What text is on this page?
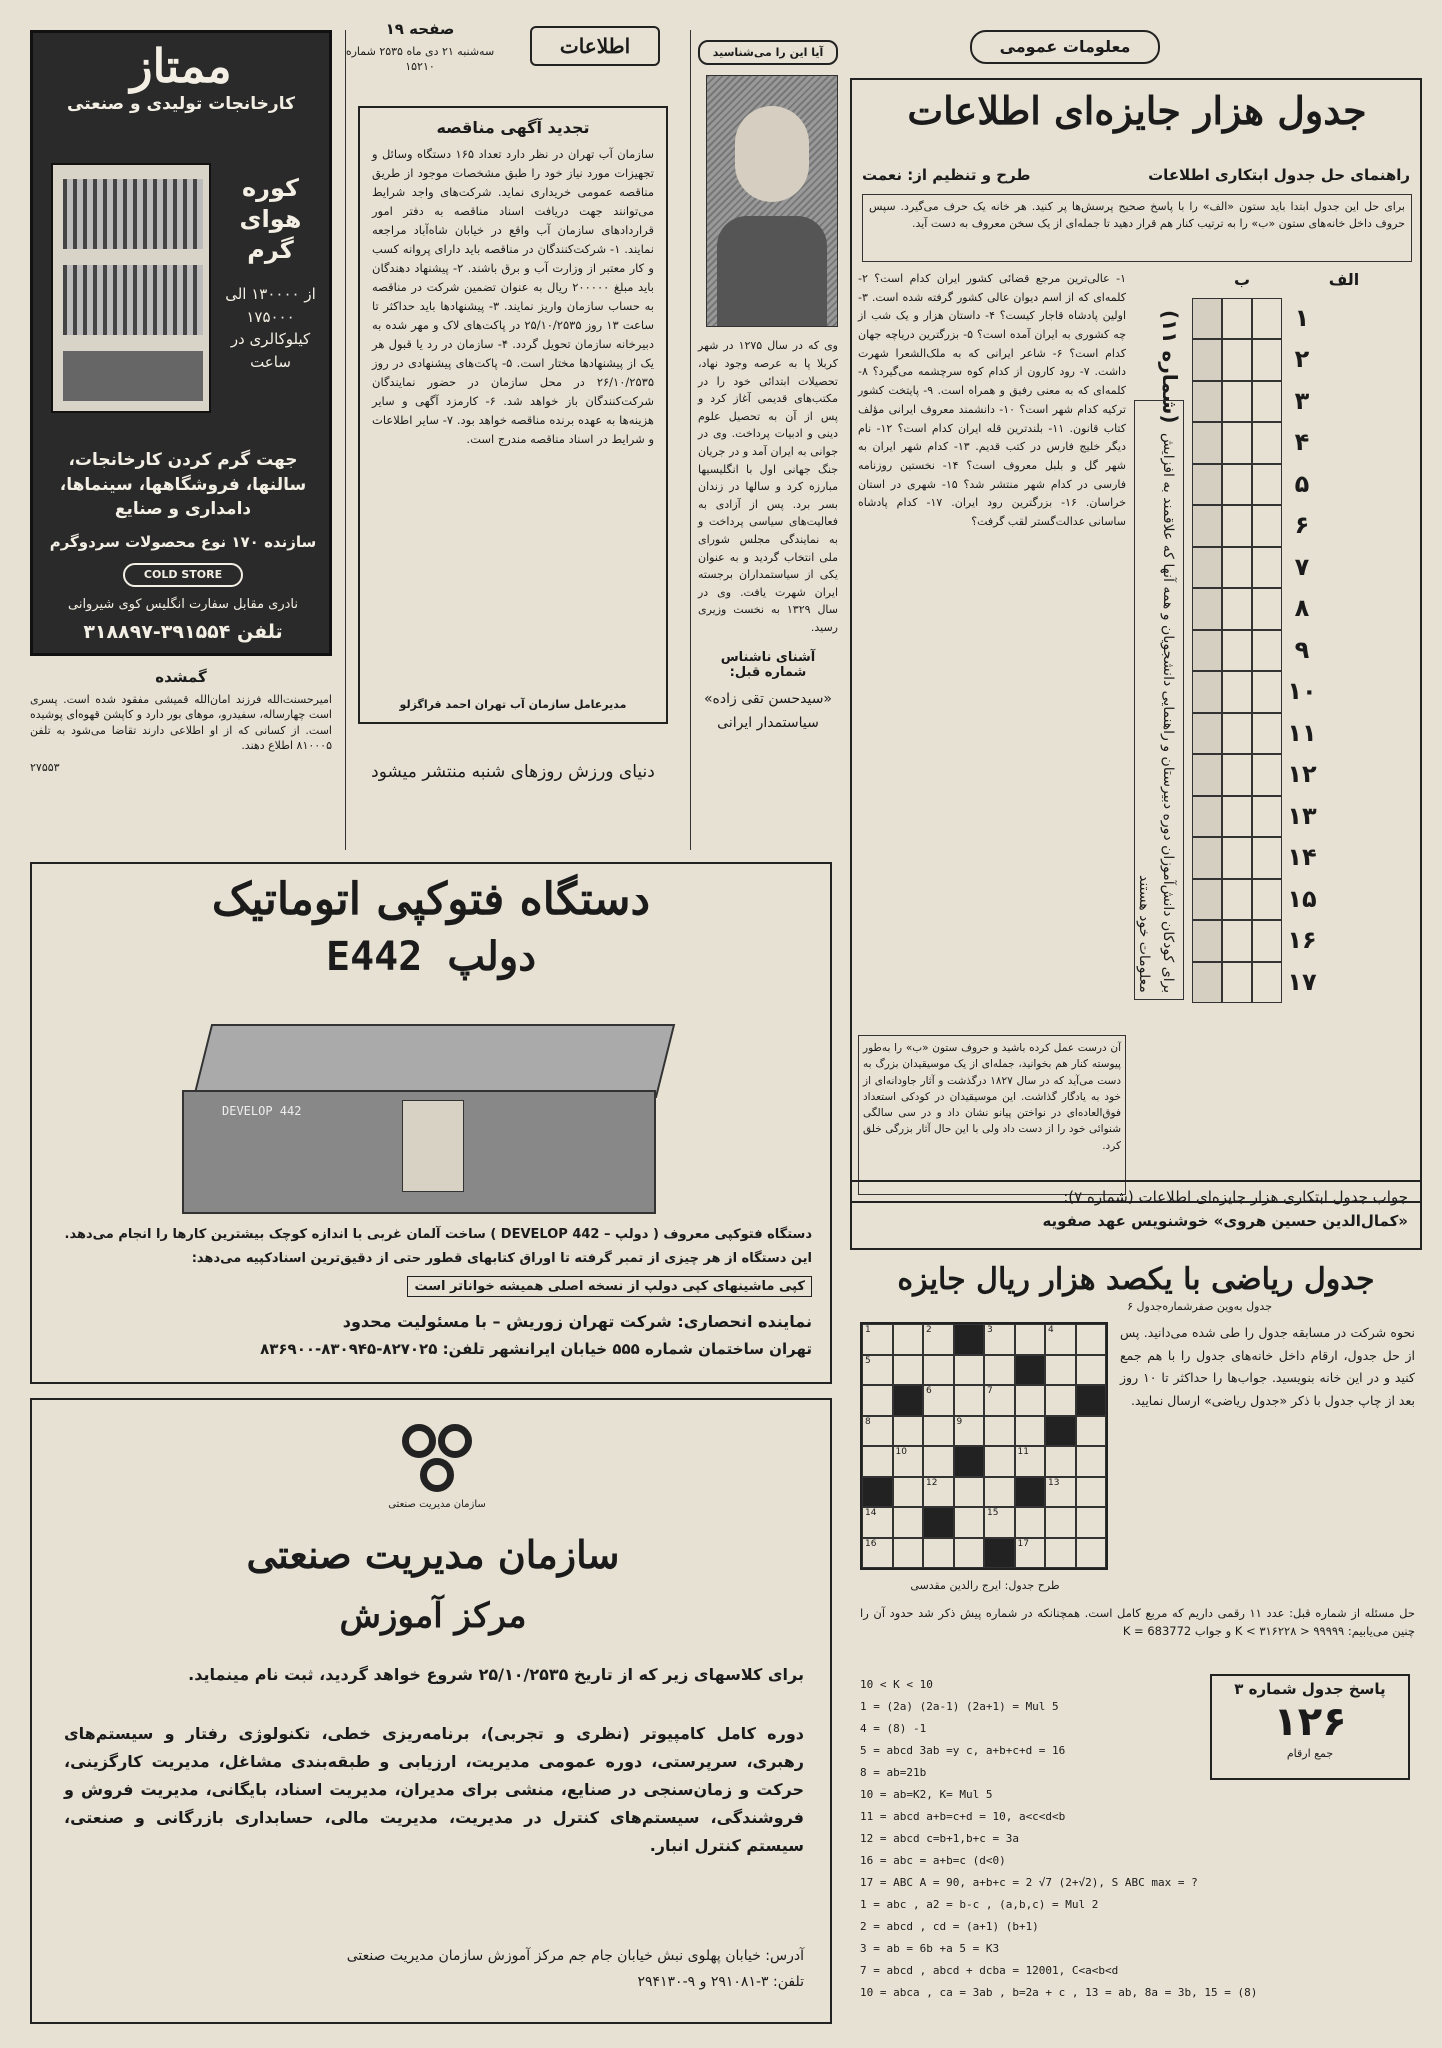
صفحه ۱۹
سه‌شنبه ۲۱ دی ماه ۲۵۳۵ شماره ۱۵۲۱۰
اطلاعات
ممتاز
کارخانجات تولیدی و صنعتی
کوره هوای گرم
از ۱۳۰۰۰۰ الی ۱۷۵۰۰۰ کیلوکالری در ساعت
جهت گرم کردن کارخانجات، سالنها، فروشگاهها، سینماها، دامداری و صنایع
سازنده ۱۷۰ نوع محصولات سردوگرم
COLD STORE
نادری مقابل سفارت انگلیس کوی شیروانی
تلفن ۳۹۱۵۵۴-۳۱۸۸۹۷
گمشده
امیرحسنت‌الله فرزند امان‌الله قمیشی مفقود شده است. پسری است چهارساله، سفیدرو، موهای بور دارد و کاپشن قهوه‌ای پوشیده است. از کسانی که از او اطلاعی دارند تقاضا می‌شود به تلفن ۸۱۰۰۰۵ اطلاع دهند.
۲۷۵۵۳
تجدید آگهی مناقصه
سازمان آب تهران در نظر دارد تعداد ۱۶۵ دستگاه وسائل و تجهیزات مورد نیاز خود را طبق مشخصات موجود از طریق مناقصه عمومی خریداری نماید. شرکت‌های واجد شرایط می‌توانند جهت دریافت اسناد مناقصه به دفتر امور قراردادهای سازمان آب واقع در خیابان شاه‌آباد مراجعه نمایند. ۱- شرکت‌کنندگان در مناقصه باید دارای پروانه کسب و کار معتبر از وزارت آب و برق باشند. ۲- پیشنهاد دهندگان باید مبلغ ۲۰۰۰۰۰ ریال به عنوان تضمین شرکت در مناقصه به حساب سازمان واریز نمایند. ۳- پیشنهادها باید حداکثر تا ساعت ۱۳ روز ۲۵/۱۰/۲۵۳۵ در پاکت‌های لاک و مهر شده به دبیرخانه سازمان تحویل گردد. ۴- سازمان در رد یا قبول هر یک از پیشنهادها مختار است. ۵- پاکت‌های پیشنهادی در روز ۲۶/۱۰/۲۵۳۵ در محل سازمان در حضور نمایندگان شرکت‌کنندگان باز خواهد شد. ۶- کارمزد آگهی و سایر هزینه‌ها به عهده برنده مناقصه خواهد بود. ۷- سایر اطلاعات و شرایط در اسناد مناقصه مندرج است.
مدیرعامل سازمان آب تهران احمد قراگزلو
دنیای ورزش روزهای شنبه منتشر میشود
آیا این را می‌شناسید
وی که در سال ۱۲۷۵ در شهر کربلا پا به عرصه وجود نهاد، تحصیلات ابتدائی خود را در مکتب‌های قدیمی آغاز کرد و پس از آن به تحصیل علوم دینی و ادبیات پرداخت. وی در جوانی به ایران آمد و در جریان جنگ جهانی اول با انگلیسیها مبارزه کرد و سالها در زندان بسر برد. پس از آزادی به فعالیت‌های سیاسی پرداخت و به نمایندگی مجلس شورای ملی انتخاب گردید و به عنوان یکی از سیاستمداران برجسته ایران شهرت یافت. وی در سال ۱۳۲۹ به نخست وزیری رسید.
آشنای ناشناس شماره قبل:
«سیدحسن تقی زاده» سیاستمدار ایرانی
معلومات عمومی
جدول هزار جایزه‌ای اطلاعات
طرح و تنظیم از: نعمت	راهنمای حل جدول ابتکاری اطلاعات
برای حل این جدول ابتدا باید ستون «الف» را با پاسخ صحیح پرسش‌ها پر کنید. هر خانه یک حرف می‌گیرد. سپس حروف داخل خانه‌های ستون «ب» را به ترتیب کنار هم قرار دهید تا جمله‌ای از یک سخن معروف به دست آید.
الف
ب
۱
۲
۳
۴
۵
۶
۷
۸
۹
۱۰
۱۱
۱۲
۱۳
۱۴
۱۵
۱۶
۱۷
(شماره ۱۱)
برای کودکان دانش‌آموزان دوره دبیرستان و راهنمایی دانشجویان و همه آنها که علاقمند به افزایش معلومات خود هستند
۱- عالی‌ترین مرجع قضائی کشور ایران کدام است؟ ۲- کلمه‌ای که از اسم دیوان عالی کشور گرفته شده است. ۳- اولین پادشاه قاجار کیست؟ ۴- داستان هزار و یک شب از چه کشوری به ایران آمده است؟ ۵- بزرگترین دریاچه جهان کدام است؟ ۶- شاعر ایرانی که به ملک‌الشعرا شهرت داشت. ۷- رود کارون از کدام کوه سرچشمه می‌گیرد؟ ۸- کلمه‌ای که به معنی رفیق و همراه است. ۹- پایتخت کشور ترکیه کدام شهر است؟ ۱۰- دانشمند معروف ایرانی مؤلف کتاب قانون. ۱۱- بلندترین قله ایران کدام است؟ ۱۲- نام دیگر خلیج فارس در کتب قدیم. ۱۳- کدام شهر ایران به شهر گل و بلبل معروف است؟ ۱۴- نخستین روزنامه فارسی در کدام شهر منتشر شد؟ ۱۵- شهری در استان خراسان. ۱۶- بزرگترین رود ایران. ۱۷- کدام پادشاه ساسانی عدالت‌گستر لقب گرفت؟
آن درست عمل کرده باشید و حروف ستون «ب» را به‌طور پیوسته کنار هم بخوانید، جمله‌ای از یک موسیقیدان بزرگ به دست می‌آید که در سال ۱۸۲۷ درگذشت و آثار جاودانه‌ای از خود به یادگار گذاشت. این موسیقیدان در کودکی استعداد فوق‌العاده‌ای در نواختن پیانو نشان داد و در سی سالگی شنوائی خود را از دست داد ولی با این حال آثار بزرگی خلق کرد.
جواب جدول ابتکاری هزار جایزه‌ای اطلاعات (شماره ۷):
«کمال‌الدین حسین هروی» خوشنویس عهد صفویه
جدول ریاضی با یکصد هزار ریال جایزه
جدول به‌وین صفرشماره‌جدول ۶
1	2	3	4
5
6	7
8	9
10	11
12	13
14	15
16	17
نحوه شرکت در مسابقه جدول را طی شده می‌دانید. پس از حل جدول، ارقام داخل خانه‌های جدول را با هم جمع کنید و در این خانه بنویسید. جواب‌ها را حداکثر تا ۱۰ روز بعد از چاپ جدول با ذکر «جدول ریاضی» ارسال نمایید.
طرح جدول: ایرج رالدین مقدسی
حل مسئله از شماره قبل: عدد ۱۱ رقمی داریم که مربع کامل است. همچنانکه در شماره پیش ذکر شد حدود آن را چنین می‌یابیم: ۹۹۹۹۹ < K < ۳۱۶۲۲۸ و جواب K = 683772
پاسخ جدول شماره ۳
۱۲۶
جمع ارقام
10 < K < 10
1 = (2a) (2a-1) (2a+1) = Mul 5
4 = (8) -1
5 = abcd 3ab =y c, a+b+c+d = 16
8 = ab=21b
10 = ab=K2, K= Mul 5
11 = abcd a+b=c+d = 10, a<c<d<b
12 = abcd c=b+1,b+c = 3a
16 = abc = a+b=c (d<0)
17 = ABC A = 90, a+b+c = 2 √7 (2+√2), S ABC max = ?
1 = abc , a2 = b-c , (a,b,c) = Mul 2
2 = abcd , cd = (a+1) (b+1)
3 = ab = 6b +a 5 = K3
7 = abcd , abcd + dcba = 12001, C<a<b<d
10 = abca , ca = 3ab , b=2a + c , 13 = ab, 8a = 3b, 15 = (8)
دستگاه فتوکپی اتوماتیک
دولپ E442
DEVELOP 442
دستگاه فتوکپی معروف ( دولپ – DEVELOP 442 ) ساخت آلمان غربی با اندازه کوچک بیشترین کارها را انجام می‌دهد.
این دستگاه از هر چیزی از تمبر گرفته تا اوراق کتابهای قطور حتی از دقیق‌ترین اسنادکپیه می‌دهد:
کپی ماشینهای کپی دولپ از نسخه اصلی همیشه خواناتر است
نماینده انحصاری: شرکت تهران زوریش – با مسئولیت محدود
تهران ساختمان شماره ۵۵۵ خیابان ایرانشهر تلفن: ۸۲۷۰۲۵-۸۳۰۹۴۵-۸۳۶۹۰۰
سازمان مدیریت صنعتی
سازمان مدیریت صنعتی
مرکز آموزش
برای کلاسهای زیر که از تاریخ ۲۵/۱۰/۲۵۳۵ شروع خواهد گردید، ثبت نام مینماید.
دوره کامل کامپیوتر (نظری و تجربی)، برنامه‌ریزی خطی، تکنولوژی رفتار و سیستم‌های رهبری، سرپرستی، دوره عمومی مدیریت، ارزیابی و طبقه‌بندی مشاغل، مدیریت کارگزینی، حرکت و زمان‌سنجی در صنایع، منشی برای مدیران، مدیریت اسناد، بایگانی، مدیریت فروش و فروشندگی، سیستم‌های کنترل در مدیریت، مدیریت مالی، حسابداری بازرگانی و صنعتی، سیستم کنترل انبار.
آدرس: خیابان پهلوی نبش خیابان جام جم مرکز آموزش سازمان مدیریت صنعتی
تلفن: ۳-۲۹۱۰۸۱ و ۹-۲۹۴۱۳۰
